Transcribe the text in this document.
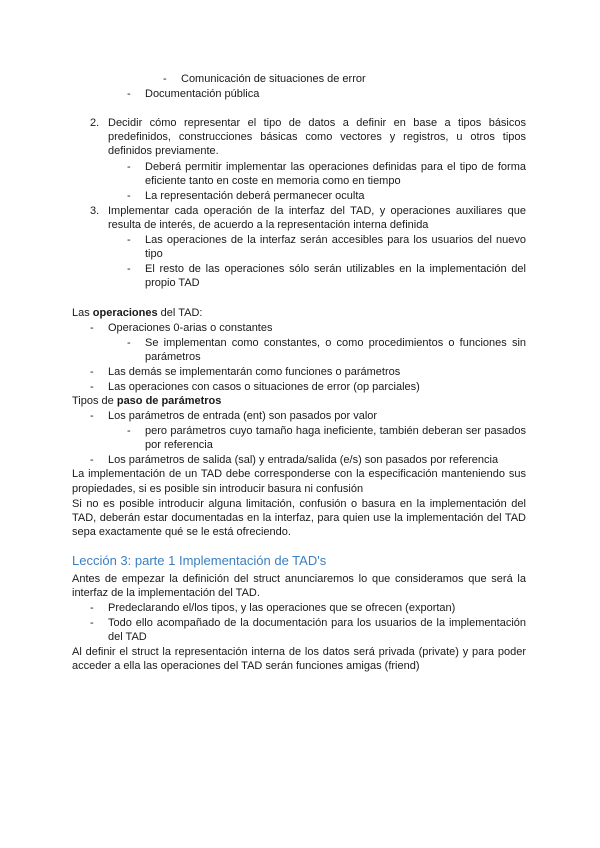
- Comunicación de situaciones de error
- Documentación pública
2. Decidir cómo representar el tipo de datos a definir en base a tipos básicos
predefinidos, construcciones básicas como vectores y registros, u otros tipos
definidos previamente.
- Deberá permitir implementar las operaciones definidas para el tipo de forma
eficiente tanto en coste en memoria como en tiempo
- La representación deberá permanecer oculta
3. Implementar cada operación de la interfaz del TAD, y operaciones auxiliares que
resulta de interés, de acuerdo a la representación interna definida
- Las operaciones de la interfaz serán accesibles para los usuarios del nuevo
tipo
- El resto de las operaciones sólo serán utilizables en la implementación del
propio TAD
Las operaciones del TAD:
- Operaciones 0-arias o constantes
- Se implementan como constantes, o como procedimientos o funciones sin
parámetros
- Las demás se implementarán como funciones o parámetros
- Las operaciones con casos o situaciones de error (op parciales)
Tipos de paso de parámetros
- Los parámetros de entrada (ent) son pasados por valor
- pero parámetros cuyo tamaño haga ineficiente, también deberan ser pasados
por referencia
- Los parámetros de salida (sal) y entrada/salida (e/s) son pasados por referencia
La implementación de un TAD debe corresponderse con la especificación manteniendo sus
propiedades, si es posible sin introducir basura ni confusión
Si no es posible introducir alguna limitación, confusión o basura en la implementación del
TAD, deberán estar documentadas en la interfaz, para quien use la implementación del TAD
sepa exactamente qué se le está ofreciendo.
Lección 3: parte 1 Implementación de TAD's
Antes de empezar la definición del struct anunciaremos lo que consideramos que será la
interfaz de la implementación del TAD.
- Predeclarando el/los tipos, y las operaciones que se ofrecen (exportan)
- Todo ello acompañado de la documentación para los usuarios de la implementación
del TAD
Al definir el struct la representación interna de los datos será privada (private) y para poder
acceder a ella las operaciones del TAD serán funciones amigas (friend)
